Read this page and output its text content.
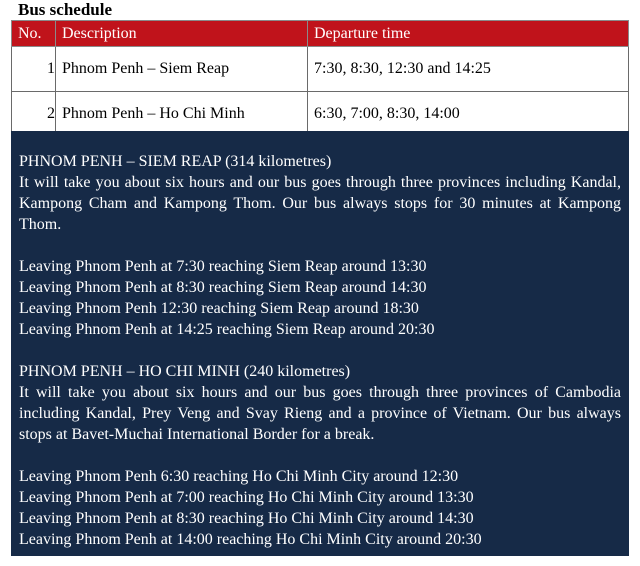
Bus schedule
No.	Description	Departure time
1	Phnom Penh – Siem Reap	7:30, 8:30, 12:30 and 14:25
2	Phnom Penh – Ho Chi Minh	6:30, 7:00, 8:30, 14:00

PHNOM PENH – SIEM REAP (314 kilometres)

It will take you about six hours and our bus goes through three provinces including Kandal, Kampong Cham and Kampong Thom. Our bus always stops for 30 minutes at Kampong Thom.

Leaving Phnom Penh at 7:30 reaching Siem Reap around 13:30

Leaving Phnom Penh at 8:30 reaching Siem Reap around 14:30

Leaving Phnom Penh 12:30 reaching Siem Reap around 18:30

Leaving Phnom Penh at 14:25 reaching Siem Reap around 20:30

PHNOM PENH – HO CHI MINH (240 kilometres)

It will take you about six hours and our bus goes through three provinces of Cambodia including Kandal, Prey Veng and Svay Rieng and a province of Vietnam. Our bus always stops at Bavet-Muchai International Border for a break.

Leaving Phnom Penh 6:30 reaching Ho Chi Minh City around 12:30

Leaving Phnom Penh at 7:00 reaching Ho Chi Minh City around 13:30

Leaving Phnom Penh at 8:30 reaching Ho Chi Minh City around 14:30

Leaving Phnom Penh at 14:00 reaching Ho Chi Minh City around 20:30
